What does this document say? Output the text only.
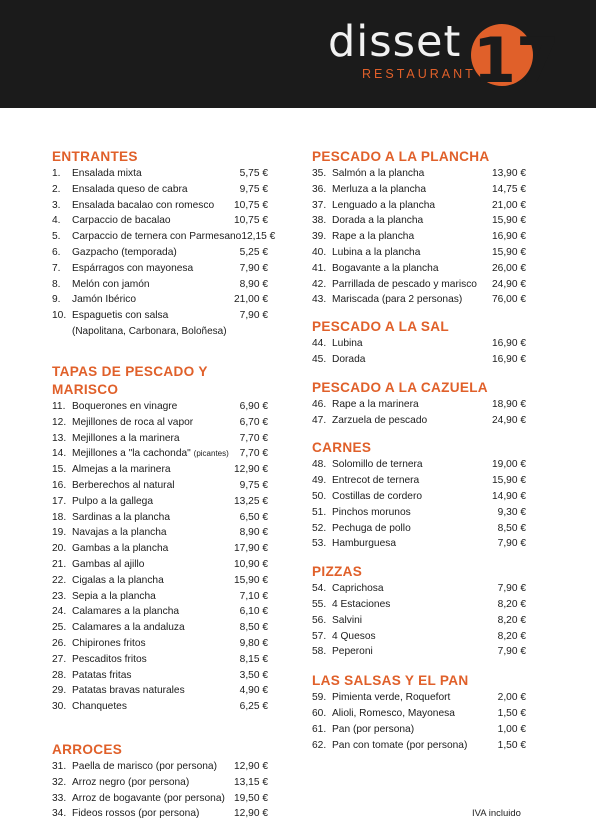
disset
RESTAURANT
17
ENTRANTES
1.	Ensalada mixta	5,75 €
2.	Ensalada queso de cabra	9,75 €
3.	Ensalada bacalao con romesco	10,75 €
4.	Carpaccio de bacalao	10,75 €
5.	Carpaccio de ternera con Parmesano 12,15 €
6.	Gazpacho (temporada)	5,25 €
7.	Espárragos con mayonesa	7,90 €
8.	Melón con jamón	8,90 €
9.	Jamón Ibérico	21,00 €
10. Espaguetis con salsa	7,90 €
(Napolitana, Carbonara, Boloñesa)
TAPAS DE PESCADO Y MARISCO
11. Boquerones en vinagre	6,90 €
12. Mejillones de roca al vapor	6,70 €
13. Mejillones a la marinera	7,70 €
14. Mejillones a "la cachonda" (picantes)	7,70 €
15. Almejas a la marinera	12,90 €
16. Berberechos al natural	9,75 €
17. Pulpo a la gallega	13,25 €
18. Sardinas a la plancha	6,50 €
19. Navajas a la plancha	8,90 €
20. Gambas a la plancha	17,90 €
21. Gambas al ajillo	10,90 €
22. Cigalas a la plancha	15,90 €
23. Sepia a la plancha	7,10 €
24. Calamares a la plancha	6,10 €
25. Calamares a la andaluza	8,50 €
26. Chipirones fritos	9,80 €
27. Pescaditos fritos	8,15 €
28. Patatas fritas	3,50 €
29. Patatas bravas naturales	4,90 €
30. Chanquetes	6,25 €
ARROCES
31. Paella de marisco (por persona)	12,90 €
32. Arroz negro (por persona)	13,15 €
33. Arroz de bogavante (por persona) 19,50 €
34. Fideos rossos (por persona)	12,90 €
PESCADO A LA PLANCHA
35. Salmón a la plancha	13,90 €
36. Merluza a la plancha	14,75 €
37. Lenguado a la plancha	21,00 €
38. Dorada a la plancha	15,90 €
39. Rape a la plancha	16,90 €
40. Lubina a la plancha	15,90 €
41. Bogavante a la plancha	26,00 €
42. Parrillada de pescado y marisco	24,90 €
43. Mariscada (para 2 personas)	76,00 €
PESCADO A LA SAL
44. Lubina	16,90 €
45. Dorada	16,90 €
PESCADO A LA CAZUELA
46. Rape a la marinera	18,90 €
47. Zarzuela de pescado	24,90 €
CARNES
48. Solomillo de ternera	19,00 €
49. Entrecot de ternera	15,90 €
50. Costillas de cordero	14,90 €
51. Pinchos morunos	9,30 €
52. Pechuga de pollo	8,50 €
53. Hamburguesa	7,90 €
PIZZAS
54. Caprichosa	7,90 €
55. 4 Estaciones	8,20 €
56. Salvini	8,20 €
57. 4 Quesos	8,20 €
58. Peperoni	7,90 €
LAS SALSAS Y EL PAN
59. Pimienta verde, Roquefort	2,00 €
60. Alioli, Romesco, Mayonesa	1,50 €
61. Pan (por persona)	1,00 €
62. Pan con tomate (por persona)	1,50 €
IVA incluido
